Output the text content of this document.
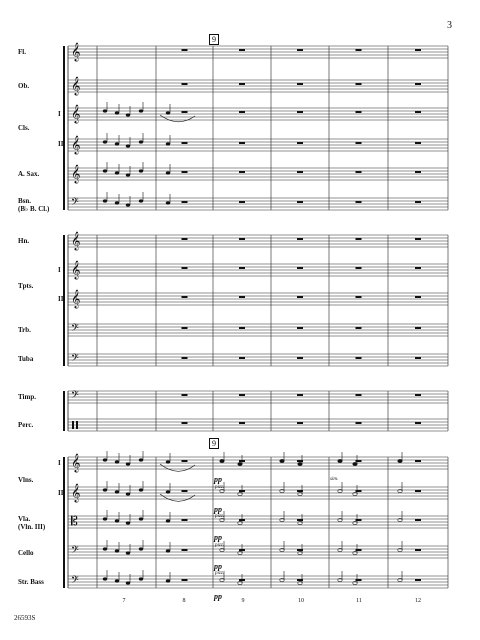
3
9
9
26593S
Fl.
Ob.
Cls.
I
II
A. Sax.
Bsn.
(B♭ B. Cl.)
Hn.
Tpts.
I
II
Trb.
Tuba
Timp.
Perc.
Vlns.
I
II
Vla.
(Vln. III)
Cello
Str. Bass
7	8	9	10	11	12
pp
pizz.
pp
pizz.
pp
pizz.
pp
pizz.
pp
sim.
𝄞
𝄞
𝄞
𝄞
𝄞
𝄢
𝄞
𝄞
𝄞
𝄢
𝄢
𝄢
𝄞
𝄞
𝄡
𝄢
𝄢
